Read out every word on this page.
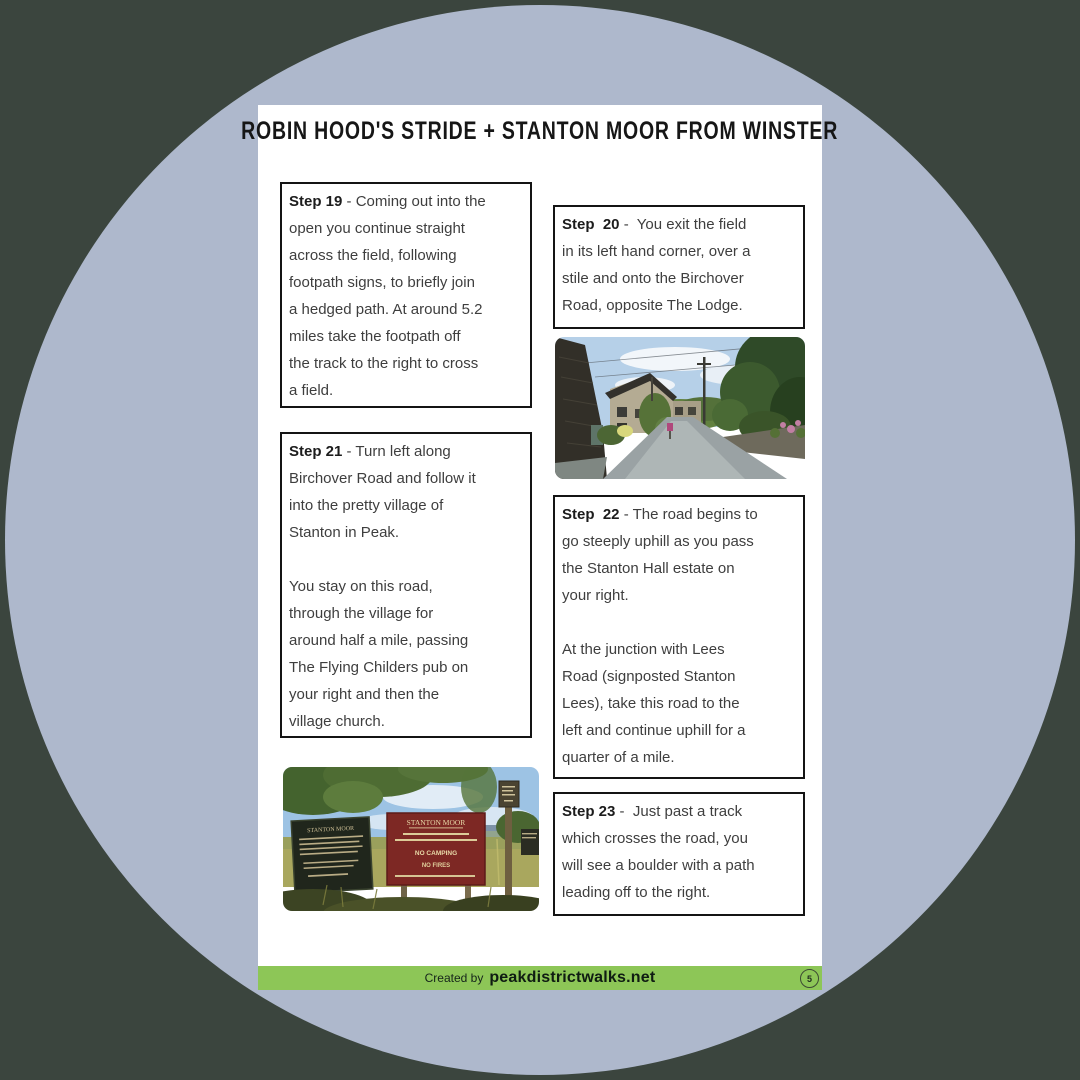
ROBIN HOOD'S STRIDE + STANTON MOOR FROM WINSTER
Step 19 - Coming out into the
open you continue straight
across the field, following
footpath signs, to briefly join
a hedged path. At around 5.2
miles take the footpath off
the track to the right to cross
a field.
Step 21 - Turn left along
Birchover Road and follow it
into the pretty village of
Stanton in Peak.

You stay on this road,
through the village for
around half a mile, passing
The Flying Childers pub on
your right and then the
village church.
STANTON MOOR
STANTON MOOR
NO CAMPING
NO FIRES
Step  20 -  You exit the field
in its left hand corner, over a
stile and onto the Birchover
Road, opposite The Lodge.
Step  22 - The road begins to
go steeply uphill as you pass
the Stanton Hall estate on
your right.

At the junction with Lees
Road (signposted Stanton
Lees), take this road to the
left and continue uphill for a
quarter of a mile.
Step 23 -  Just past a track
which crosses the road, you
will see a boulder with a path
leading off to the right.
Created by peakdistrictwalks.net	5
